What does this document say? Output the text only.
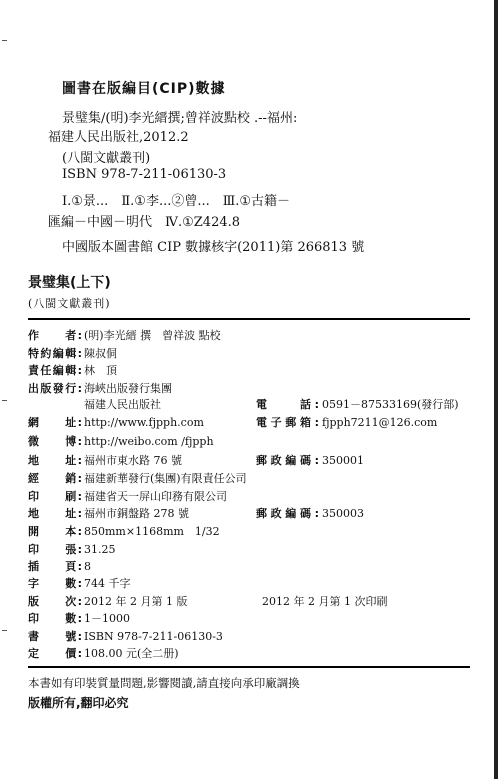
圖書在版編目(CIP)數據
景璧集/(明)李光縉撰;曾祥波點校 .--福州:
福建人民出版社,2012.2
(八閩文獻叢刊)
ISBN 978-7-211-06130-3
Ⅰ.①景...　Ⅱ.①李...②曾...　Ⅲ.①古籍－
匯編－中國－明代　Ⅳ.①Z424.8
中國版本圖書館 CIP 數據核字(2011)第 266813 號
景璧集(上下)
(八閩文獻叢刊)
作　　者: (明)李光縉 撰　曾祥波 點校
特約編輯: 陳叔侗
責任編輯: 林　頂
出版發行: 海峽出版發行集團
福建人民出版社	電　　話: 0591－87533169(發行部)
網　　址: http://www.fjpph.com	電子郵箱: fjpph7211@126.com
微　　博: http://weibo.com /fjpph
地　　址: 福州市東水路 76 號	郵政編碼: 350001
經　　銷: 福建新華發行(集團)有限責任公司
印　　刷: 福建省天一屏山印務有限公司
地　　址: 福州市銅盤路 278 號	郵政編碼: 350003
開　　本: 850mm×1168mm　1/32
印　　張: 31.25
插　　頁: 8
字　　數: 744 千字
版　　次: 2012 年 2 月第 1 版	2012 年 2 月第 1 次印刷
印　　數: 1－1000
書　　號: ISBN 978-7-211-06130-3
定　　價: 108.00 元(全二册)
本書如有印裝質量問題,影響閱讀,請直接向承印廠調換
版權所有,翻印必究
